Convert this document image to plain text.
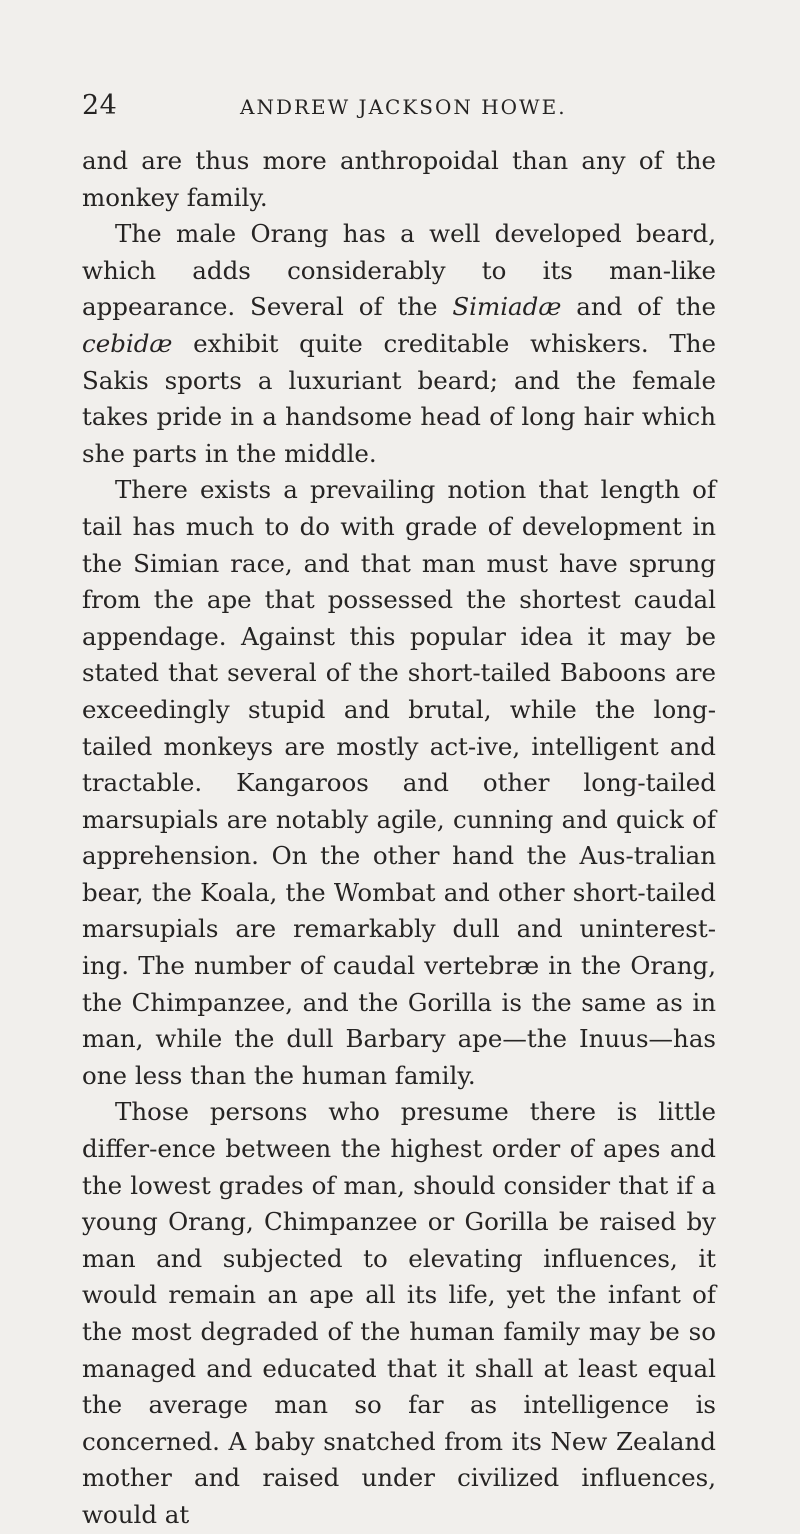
24	ANDREW JACKSON HOWE.

and are thus more anthropoidal than any of the monkey family.

The male Orang has a well developed beard, which adds considerably to its man-like appearance. Several of the Simiadæ and of the cebidæ exhibit quite creditable whiskers. The Sakis sports a luxuriant beard; and the female takes pride in a handsome head of long hair which she parts in the middle.

There exists a prevailing notion that length of tail has much to do with grade of development in the Simian race, and that man must have sprung from the ape that possessed the shortest caudal appendage. Against this popular idea it may be stated that several of the short-tailed Baboons are exceedingly stupid and brutal, while the long-tailed monkeys are mostly act-ive, intelligent and tractable. Kangaroos and other long-tailed marsupials are notably agile, cunning and quick of apprehension. On the other hand the Aus-tralian bear, the Koala, the Wombat and other short-tailed marsupials are remarkably dull and uninterest-ing. The number of caudal vertebræ in the Orang, the Chimpanzee, and the Gorilla is the same as in man, while the dull Barbary ape—the Inuus—has one less than the human family.

Those persons who presume there is little differ-ence between the highest order of apes and the lowest grades of man, should consider that if a young Orang, Chimpanzee or Gorilla be raised by man and subjected to elevating influences, it would remain an ape all its life, yet the infant of the most degraded of the human family may be so managed and educated that it shall at least equal the average man so far as intelligence is concerned. A baby snatched from its New Zealand mother and raised under civilized influences, would at
